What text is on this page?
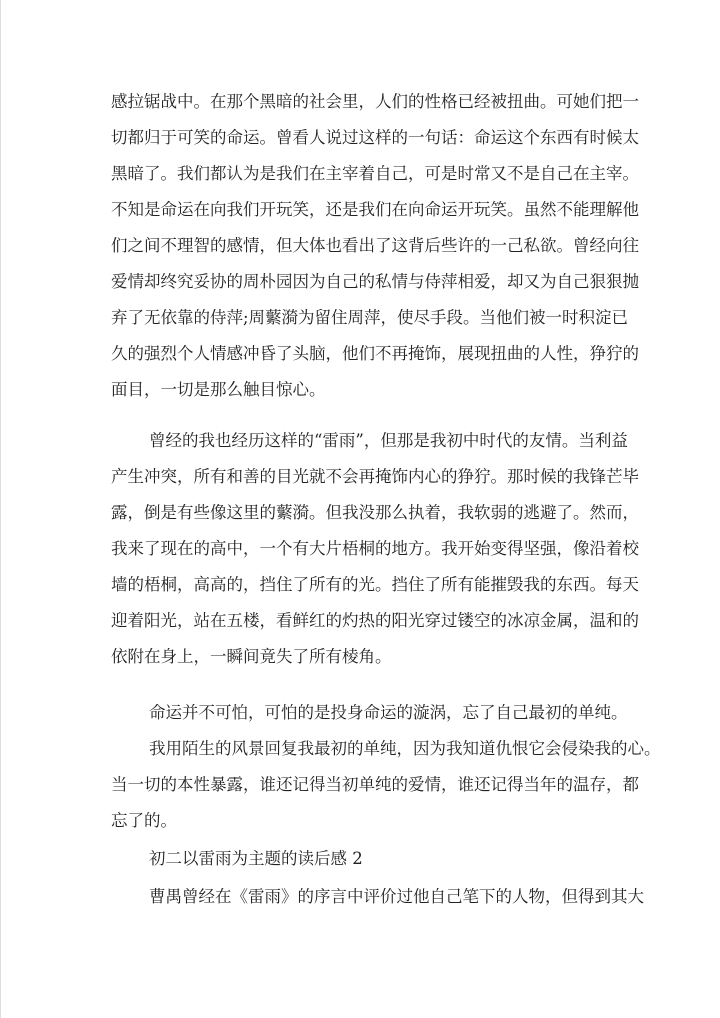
感拉锯战中。在那个黑暗的社会里，人们的性格已经被扭曲。可她们把一
切都归于可笑的命运。曾看人说过这样的一句话：命运这个东西有时候太
黑暗了。我们都认为是我们在主宰着自己，可是时常又不是自己在主宰。
不知是命运在向我们开玩笑，还是我们在向命运开玩笑。虽然不能理解他
们之间不理智的感情，但大体也看出了这背后些许的一己私欲。曾经向往
爱情却终究妥协的周朴园因为自己的私情与侍萍相爱，却又为自己狠狠抛
弃了无依靠的侍萍;周蘩漪为留住周萍，使尽手段。当他们被一时积淀已
久的强烈个人情感冲昏了头脑，他们不再掩饰，展现扭曲的人性，狰狞的
面目，一切是那么触目惊心。
曾经的我也经历这样的“雷雨”，但那是我初中时代的友情。当利益
产生冲突，所有和善的目光就不会再掩饰内心的狰狞。那时候的我锋芒毕
露，倒是有些像这里的蘩漪。但我没那么执着，我软弱的逃避了。然而，
我来了现在的高中，一个有大片梧桐的地方。我开始变得坚强，像沿着校
墙的梧桐，高高的，挡住了所有的光。挡住了所有能摧毁我的东西。每天
迎着阳光，站在五楼，看鲜红的灼热的阳光穿过镂空的冰凉金属，温和的
依附在身上，一瞬间竟失了所有棱角。
命运并不可怕，可怕的是投身命运的漩涡，忘了自己最初的单纯。
我用陌生的风景回复我最初的单纯，因为我知道仇恨它会侵染我的心。
当一切的本性暴露，谁还记得当初单纯的爱情，谁还记得当年的温存，都
忘了的。
初二以雷雨为主题的读后感 2
曹禺曾经在《雷雨》的序言中评价过他自己笔下的人物，但得到其大
